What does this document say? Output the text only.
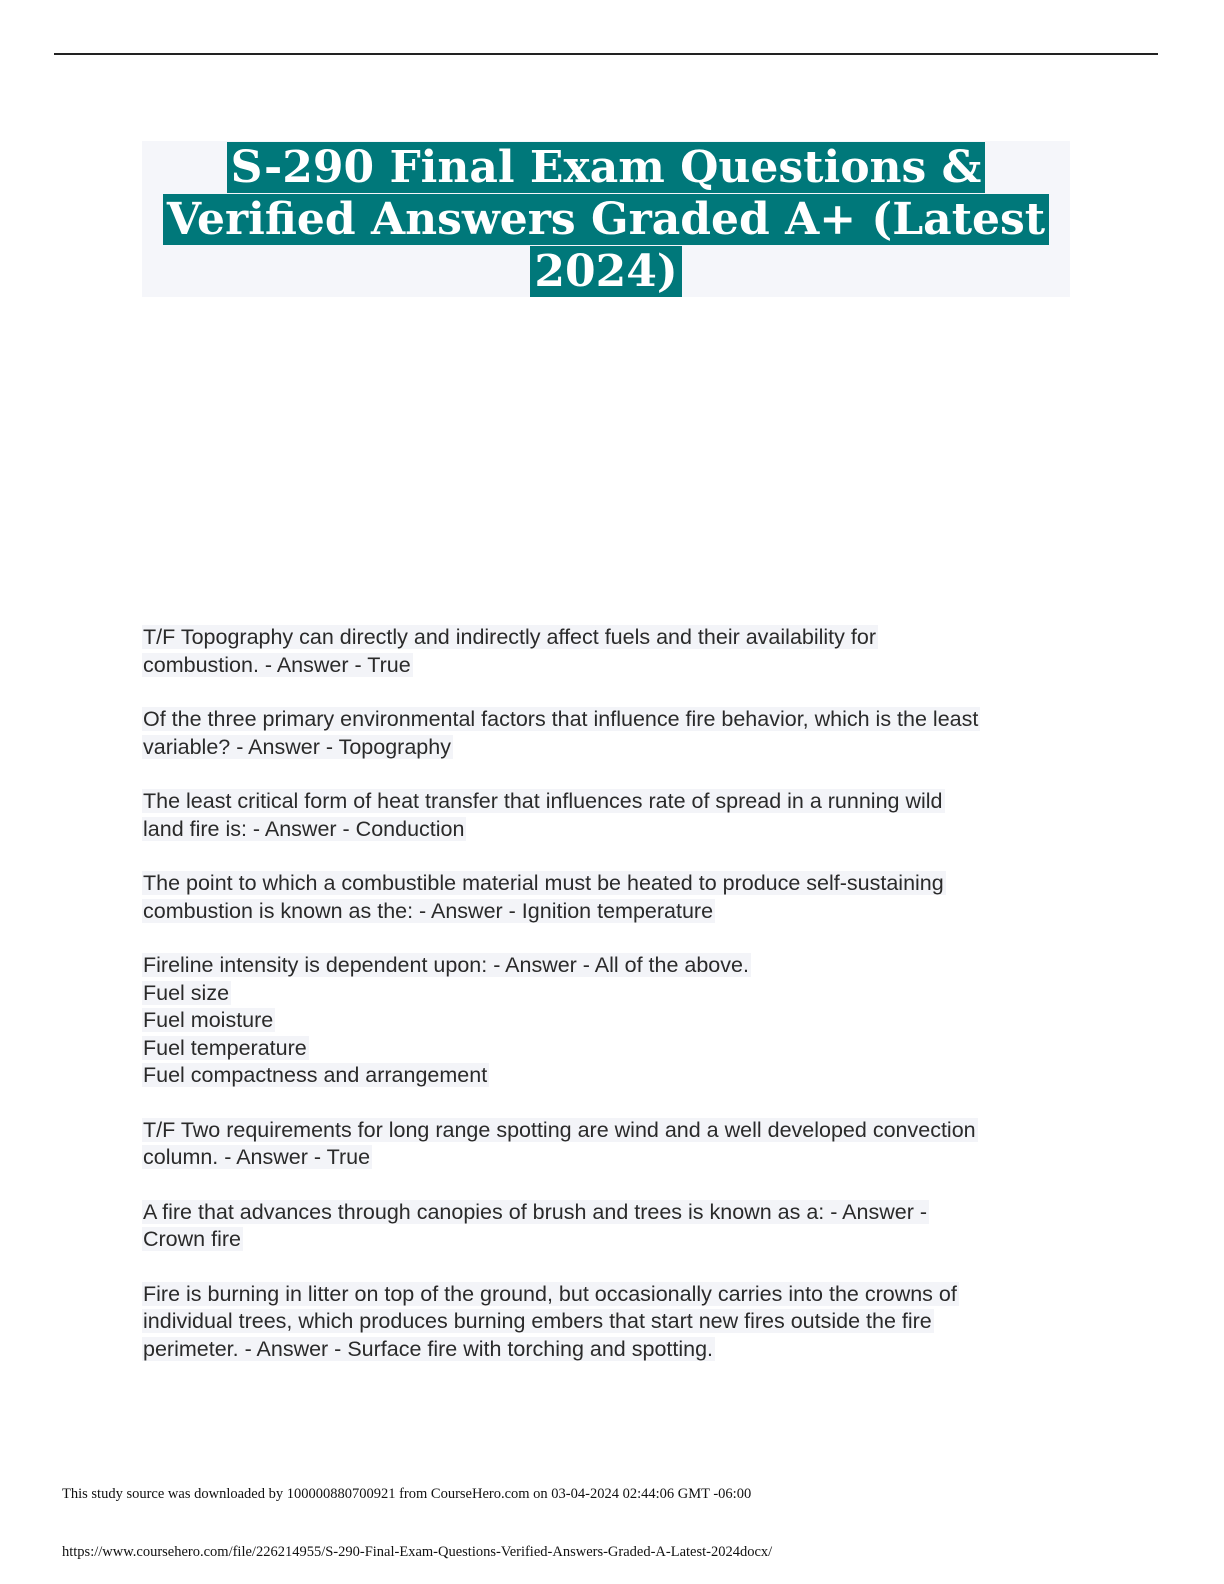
S-290 Final Exam Questions &
Verified Answers Graded A+ (Latest
2024)
T/F Topography can directly and indirectly affect fuels and their availability for
combustion. - Answer - True
Of the three primary environmental factors that influence fire behavior, which is the least
variable? - Answer - Topography
The least critical form of heat transfer that influences rate of spread in a running wild
land fire is: - Answer - Conduction
The point to which a combustible material must be heated to produce self-sustaining
combustion is known as the: - Answer - Ignition temperature
Fireline intensity is dependent upon: - Answer - All of the above.
Fuel size
Fuel moisture
Fuel temperature
Fuel compactness and arrangement
T/F Two requirements for long range spotting are wind and a well developed convection
column. - Answer - True
A fire that advances through canopies of brush and trees is known as a: - Answer -
Crown fire
Fire is burning in litter on top of the ground, but occasionally carries into the crowns of
individual trees, which produces burning embers that start new fires outside the fire
perimeter. - Answer - Surface fire with torching and spotting.
This study source was downloaded by 100000880700921 from CourseHero.com on 03-04-2024 02:44:06 GMT -06:00
https://www.coursehero.com/file/226214955/S-290-Final-Exam-Questions-Verified-Answers-Graded-A-Latest-2024docx/
